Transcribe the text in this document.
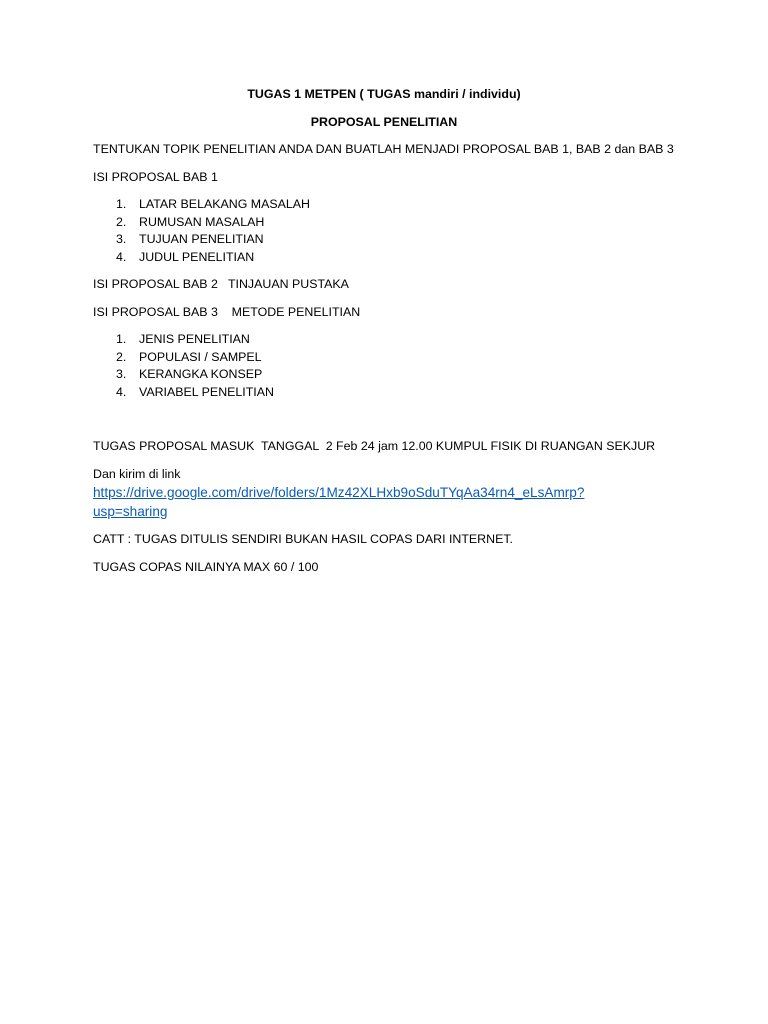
TUGAS 1 METPEN ( TUGAS mandiri / individu)

PROPOSAL PENELITIAN

TENTUKAN TOPIK PENELITIAN ANDA DAN BUATLAH MENJADI PROPOSAL BAB 1, BAB 2 dan BAB 3

ISI PROPOSAL BAB 1

1. LATAR BELAKANG MASALAH
2. RUMUSAN MASALAH
3. TUJUAN PENELITIAN
4. JUDUL PENELITIAN

ISI PROPOSAL BAB 2   TINJAUAN PUSTAKA

ISI PROPOSAL BAB 3    METODE PENELITIAN

1. JENIS PENELITIAN
2. POPULASI / SAMPEL
3. KERANGKA KONSEP
4. VARIABEL PENELITIAN

TUGAS PROPOSAL MASUK  TANGGAL  2 Feb 24 jam 12.00 KUMPUL FISIK DI RUANGAN SEKJUR

Dan kirim di link

https://drive.google.com/drive/folders/1Mz42XLHxb9oSduTYqAa34rn4_eLsAmrp?
usp=sharing

CATT : TUGAS DITULIS SENDIRI BUKAN HASIL COPAS DARI INTERNET.

TUGAS COPAS NILAINYA MAX 60 / 100
